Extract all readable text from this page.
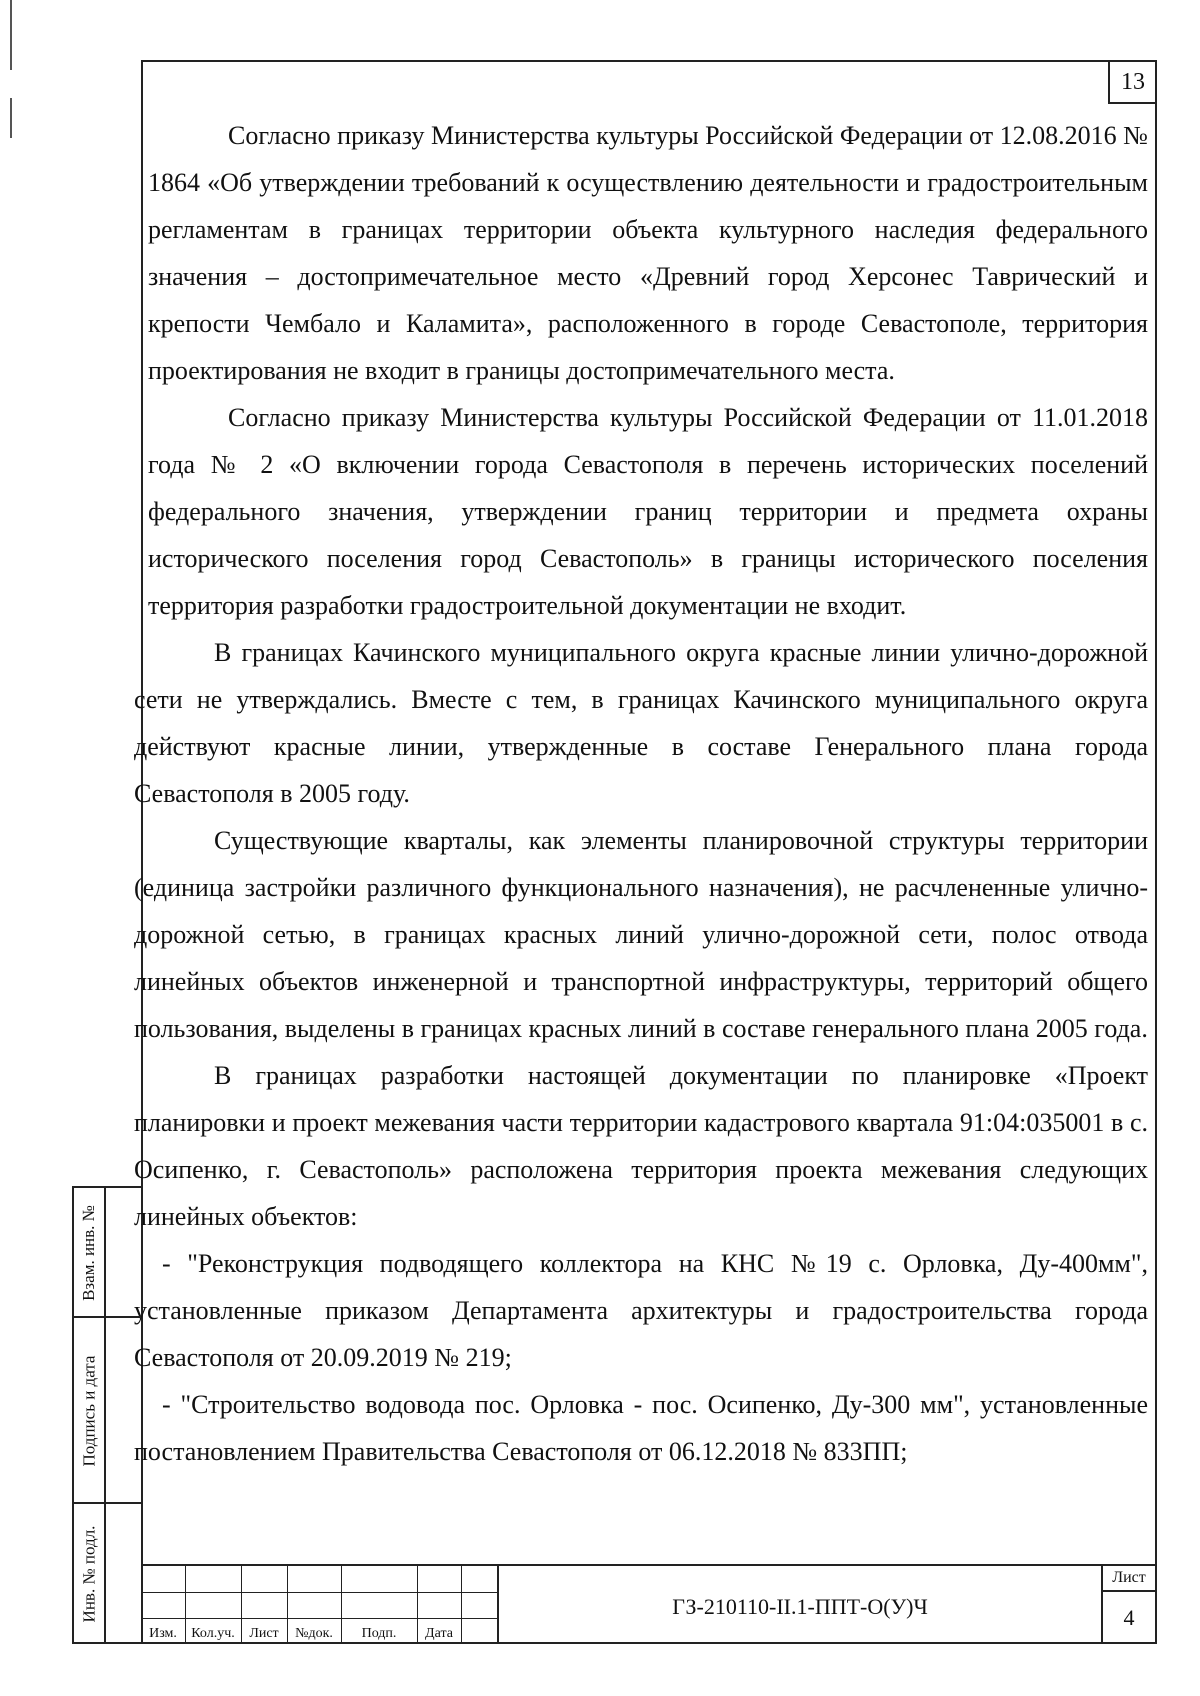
13

Согласно приказу Министерства культуры Российской Федерации от 12.08.2016 № 1864 «Об утверждении требований к осуществлению деятельности и градостроительным регламентам в границах территории объекта культурного наследия федерального значения – достопримечательное место «Древний город Херсонес Таврический и крепости Чембало и Каламита», расположенного в городе Севастополе, территория проектирования не входит в границы достопримечательного места.

Согласно приказу Министерства культуры Российской Федерации от 11.01.2018 года № 2 «О включении города Севастополя в перечень исторических поселений федерального значения, утверждении границ территории и предмета охраны исторического поселения город Севастополь» в границы исторического поселения территория разработки градостроительной документации не входит.

В границах Качинского муниципального округа красные линии улично-дорожной сети не утверждались. Вместе с тем, в границах Качинского муниципального округа действуют красные линии, утвержденные в составе Генерального плана города Севастополя в 2005 году.

Существующие кварталы, как элементы планировочной структуры территории (единица застройки различного функционального назначения), не расчлененные улично-дорожной сетью, в границах красных линий улично-дорожной сети, полос отвода линейных объектов инженерной и транспортной инфраструктуры, территорий общего пользования, выделены в границах красных линий в составе генерального плана 2005 года.

В границах разработки настоящей документации по планировке «Проект планировки и проект межевания части территории кадастрового квартала 91:04:035001 в с. Осипенко, г. Севастополь» расположена территория проекта межевания следующих линейных объектов:

- "Реконструкция подводящего коллектора на КНС №19 с. Орловка, Ду-400мм", установленные приказом Департамента архитектуры и градостроительства города Севастополя от 20.09.2019 № 219;

- "Строительство водовода пос. Орловка - пос. Осипенко, Ду-300 мм", установленные постановлением Правительства Севастополя от 06.12.2018 № 833ПП;

Взам. инв. №
Подпись и дата
Инв. № подл.
Изм.	Кол.уч.	Лист	№док.	Подп.	Дата
ГЗ-210110-II.1-ППТ-О(У)Ч
Лист
4
